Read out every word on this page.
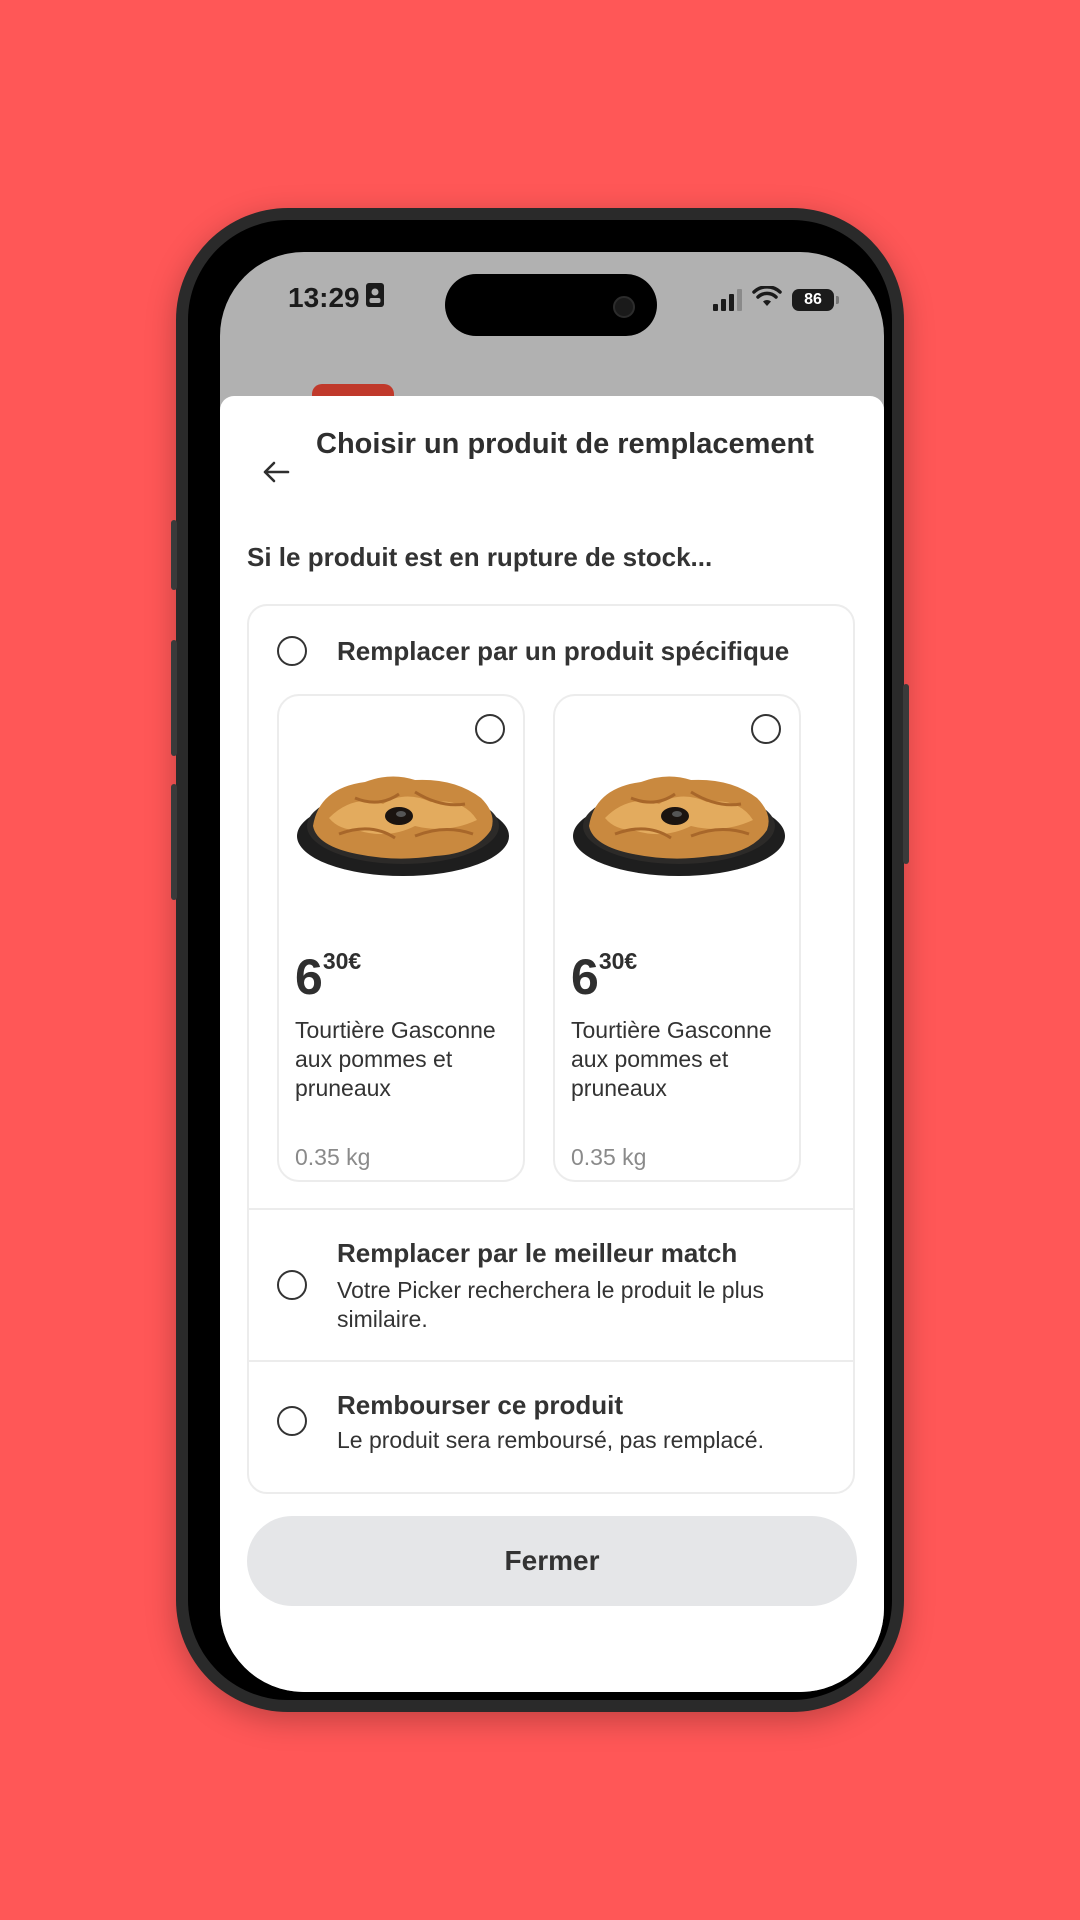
13:29	86
Choisir un produit de remplacement
Si le produit est en rupture de stock...
Remplacer par un produit spécifique
630€
Tourtière Gasconne aux pommes et pruneaux
0.35 kg
630€
Tourtière Gasconne aux pommes et pruneaux
0.35 kg
Remplacer par le meilleur match
Votre Picker recherchera le produit le plus similaire.
Rembourser ce produit
Le produit sera remboursé, pas remplacé.
Fermer
